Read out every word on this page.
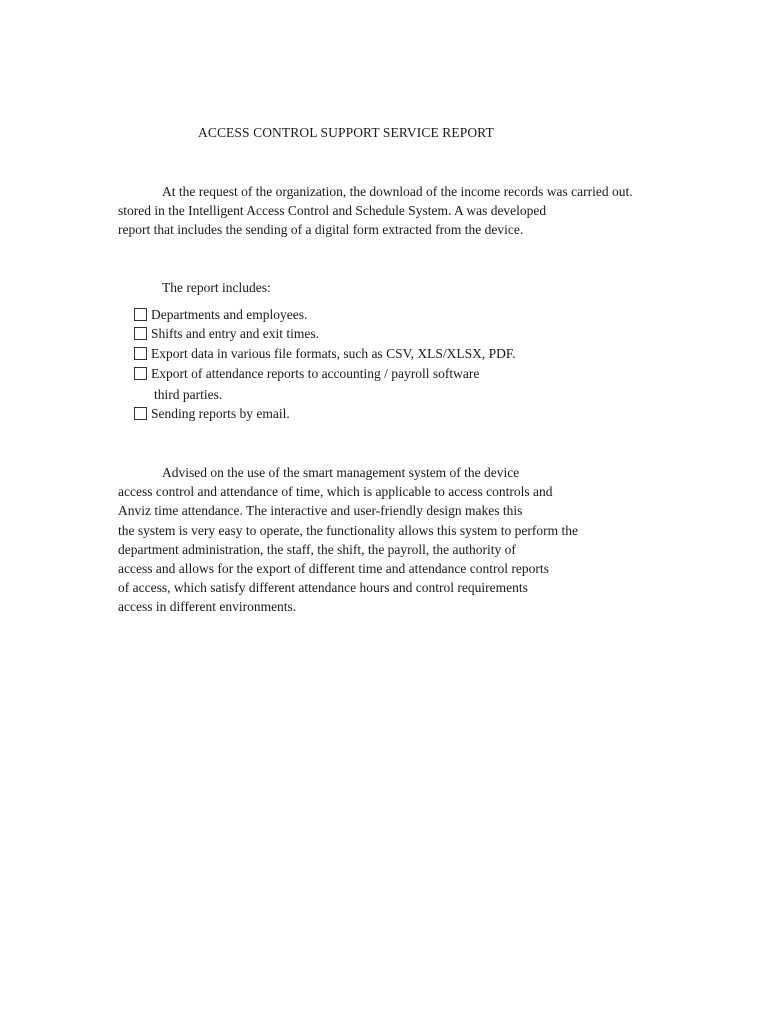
ACCESS CONTROL SUPPORT SERVICE REPORT
At the request of the organization, the download of the income records was carried out.
stored in the Intelligent Access Control and Schedule System. A was developed
report that includes the sending of a digital form extracted from the device.
The report includes:
Departments and employees.
Shifts and entry and exit times.
Export data in various file formats, such as CSV, XLS/XLSX, PDF.
Export of attendance reports to accounting / payroll software
third parties.
Sending reports by email.
Advised on the use of the smart management system of the device
access control and attendance of time, which is applicable to access controls and
Anviz time attendance. The interactive and user-friendly design makes this
the system is very easy to operate, the functionality allows this system to perform the
department administration, the staff, the shift, the payroll, the authority of
access and allows for the export of different time and attendance control reports
of access, which satisfy different attendance hours and control requirements
access in different environments.
